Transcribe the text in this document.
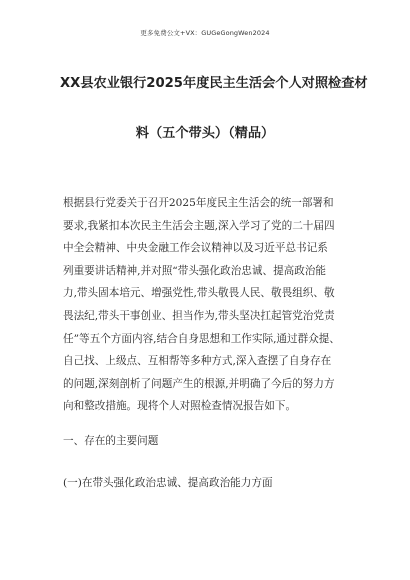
更多免费公文+VX：GUGeGongWen2024
XX县农业银行2025年度民主生活会个人对照检查材
料（五个带头）（精品）
根据县行党委关于召开2025年度民主生活会的统一部署和
要求,我紧扣本次民主生活会主题,深入学习了党的二十届四
中全会精神、中央金融工作会议精神以及习近平总书记系
列重要讲话精神,并对照“带头强化政治忠诚、提高政治能
力,带头固本培元、增强党性,带头敬畏人民、敬畏组织、敬
畏法纪,带头干事创业、担当作为,带头坚决扛起管党治党责
任”等五个方面内容,结合自身思想和工作实际,通过群众提、
自己找、上级点、互相帮等多种方式,深入查摆了自身存在
的问题,深刻剖析了问题产生的根源,并明确了今后的努力方
向和整改措施。现将个人对照检查情况报告如下。
一、存在的主要问题
(一)在带头强化政治忠诚、提高政治能力方面
